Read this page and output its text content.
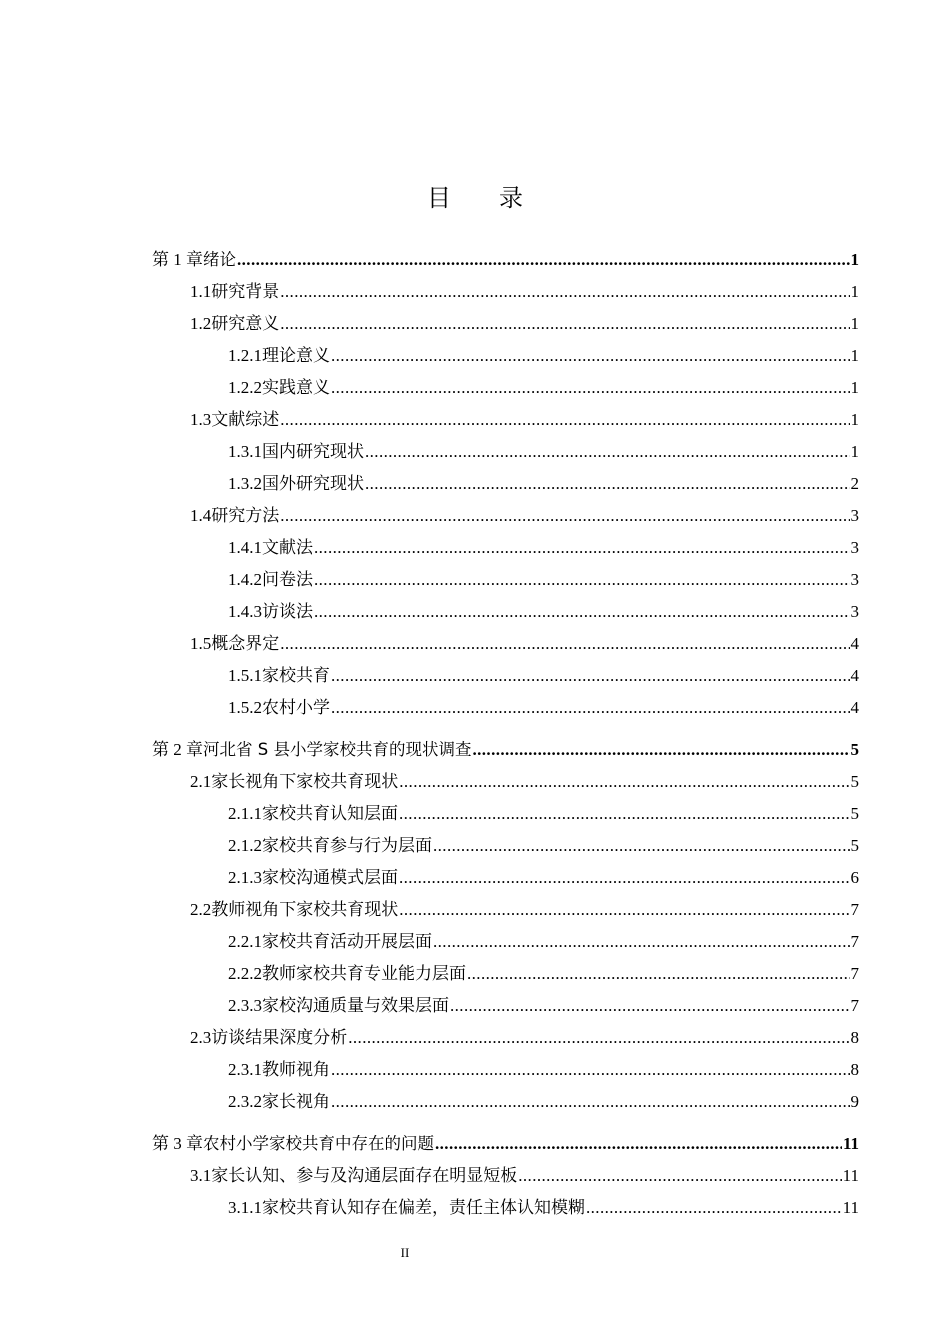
目 录
第 1 章 绪论 .....	1
1.1 研究背景 .....	1
1.2 研究意义 .....	1
1.2.1 理论意义 .....	1
1.2.2 实践意义 .....	1
1.3 文献综述 .....	1
1.3.1 国内研究现状 .....	1
1.3.2 国外研究现状 .....	2
1.4 研究方法 .....	3
1.4.1 文献法 .....	3
1.4.2 问卷法 .....	3
1.4.3 访谈法 .....	3
1.5 概念界定 .....	4
1.5.1 家校共育 .....	4
1.5.2 农村小学 .....	4
第 2 章 河北省 S 县小学家校共育的现状调查 .....	5
2.1 家长视角下家校共育现状 .....	5
2.1.1 家校共育认知层面 .....	5
2.1.2 家校共育参与行为层面 .....	5
2.1.3 家校沟通模式层面 .....	6
2.2 教师视角下家校共育现状 .....	7
2.2.1 家校共育活动开展层面 .....	7
2.2.2 教师家校共育专业能力层面 .....	7
2.3.3 家校沟通质量与效果层面 .....	7
2.3 访谈结果深度分析 .....	8
2.3.1 教师视角 .....	8
2.3.2 家长视角 .....	9
第 3 章 农村小学家校共育中存在的问题 .....	11
3.1 家长认知、参与及沟通层面存在明显短板 .....	11
3.1.1 家校共育认知存在偏差，责任主体认知模糊 .....	11
II
